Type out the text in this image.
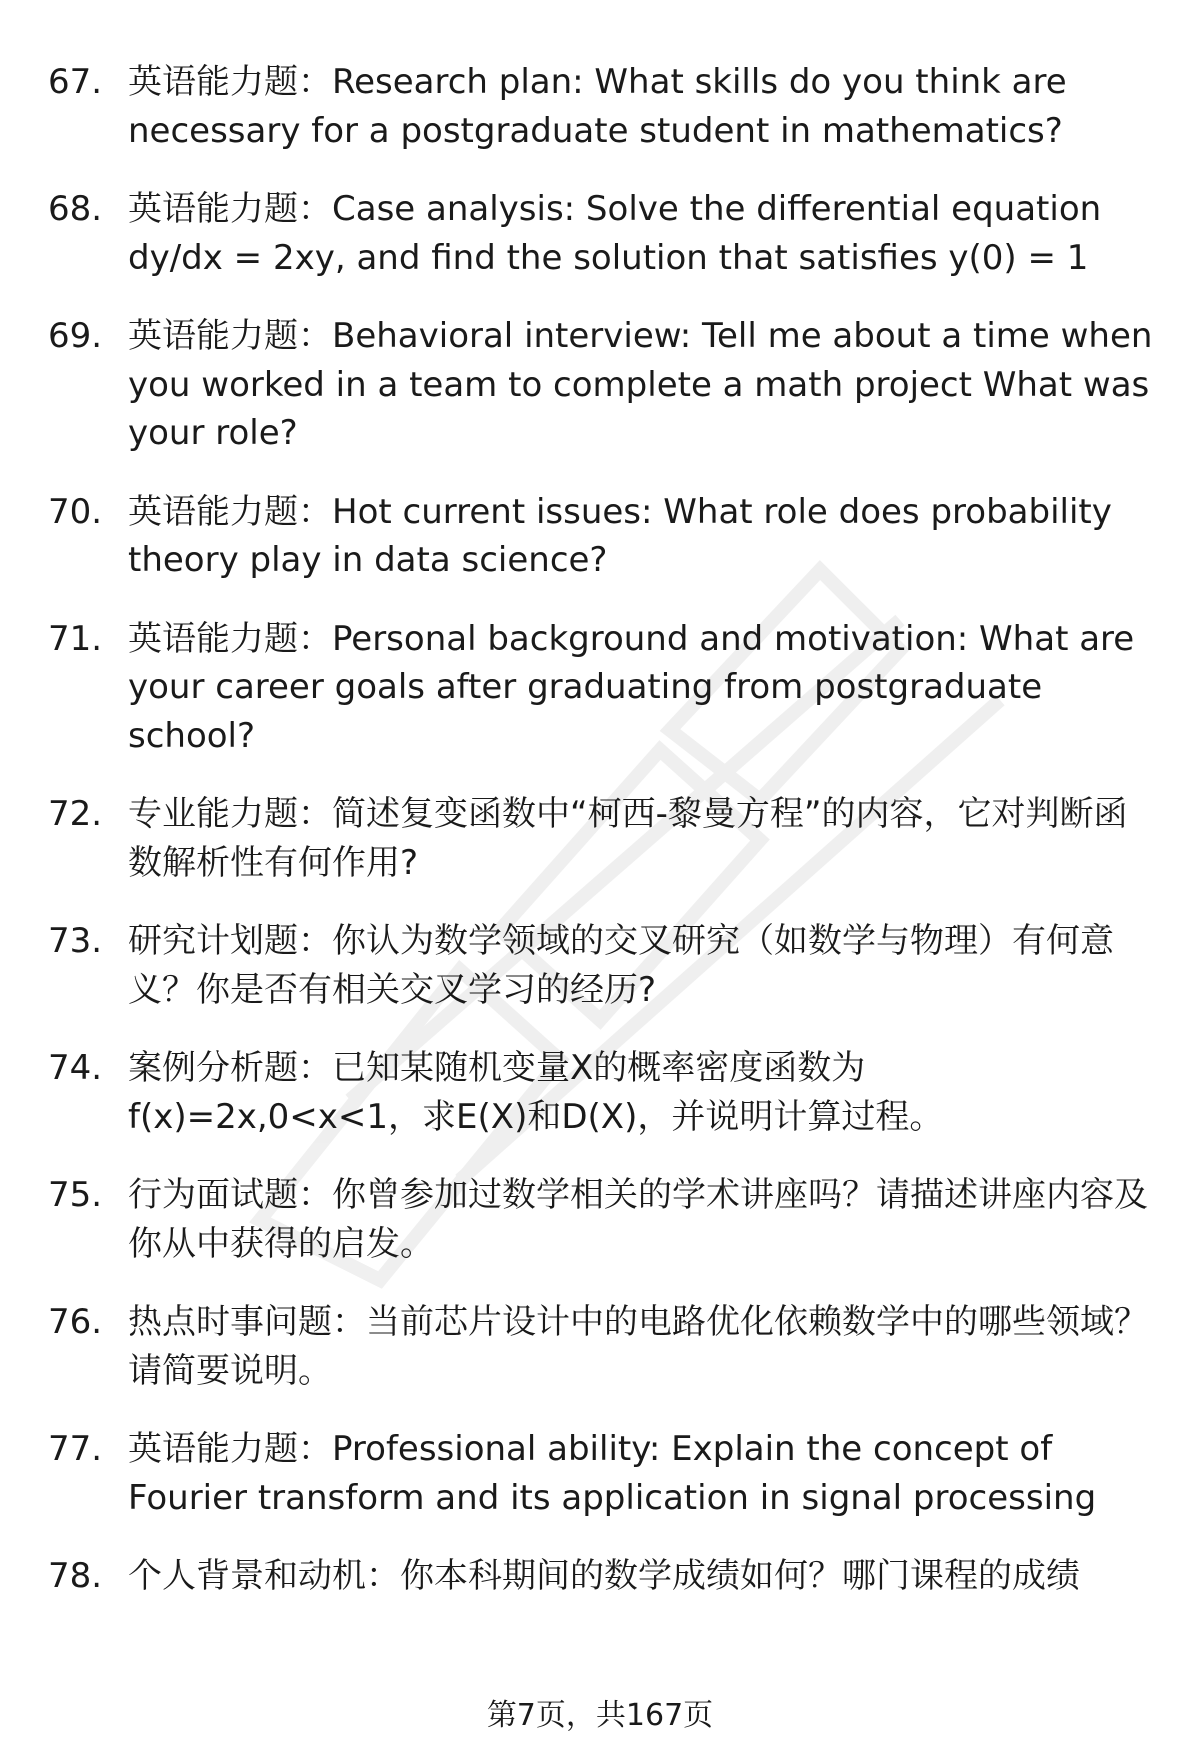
67. 英语能力题：Research plan: What skills do you think are necessary for a postgraduate student in mathematics?
68. 英语能力题：Case analysis: Solve the differential equation dy/dx = 2xy, and find the solution that satisfies y(0) = 1
69. 英语能力题：Behavioral interview: Tell me about a time when you worked in a team to complete a math project What was your role?
70. 英语能力题：Hot current issues: What role does probability theory play in data science?
71. 英语能力题：Personal background and motivation: What are your career goals after graduating from postgraduate school?
72. 专业能力题：简述复变函数中“柯西-黎曼方程”的内容，它对判断函数解析性有何作用?
73. 研究计划题：你认为数学领域的交叉研究（如数学与物理）有何意义？你是否有相关交叉学习的经历?
74. 案例分析题：已知某随机变量X的概率密度函数为f(x)=2x,0<x<1，求E(X)和D(X)，并说明计算过程。
75. 行为面试题：你曾参加过数学相关的学术讲座吗？请描述讲座内容及你从中获得的启发。
76. 热点时事问题：当前芯片设计中的电路优化依赖数学中的哪些领域？请简要说明。
77. 英语能力题：Professional ability: Explain the concept of Fourier transform and its application in signal processing
78. 个人背景和动机：你本科期间的数学成绩如何？哪门课程的成绩
第7页，共167页
